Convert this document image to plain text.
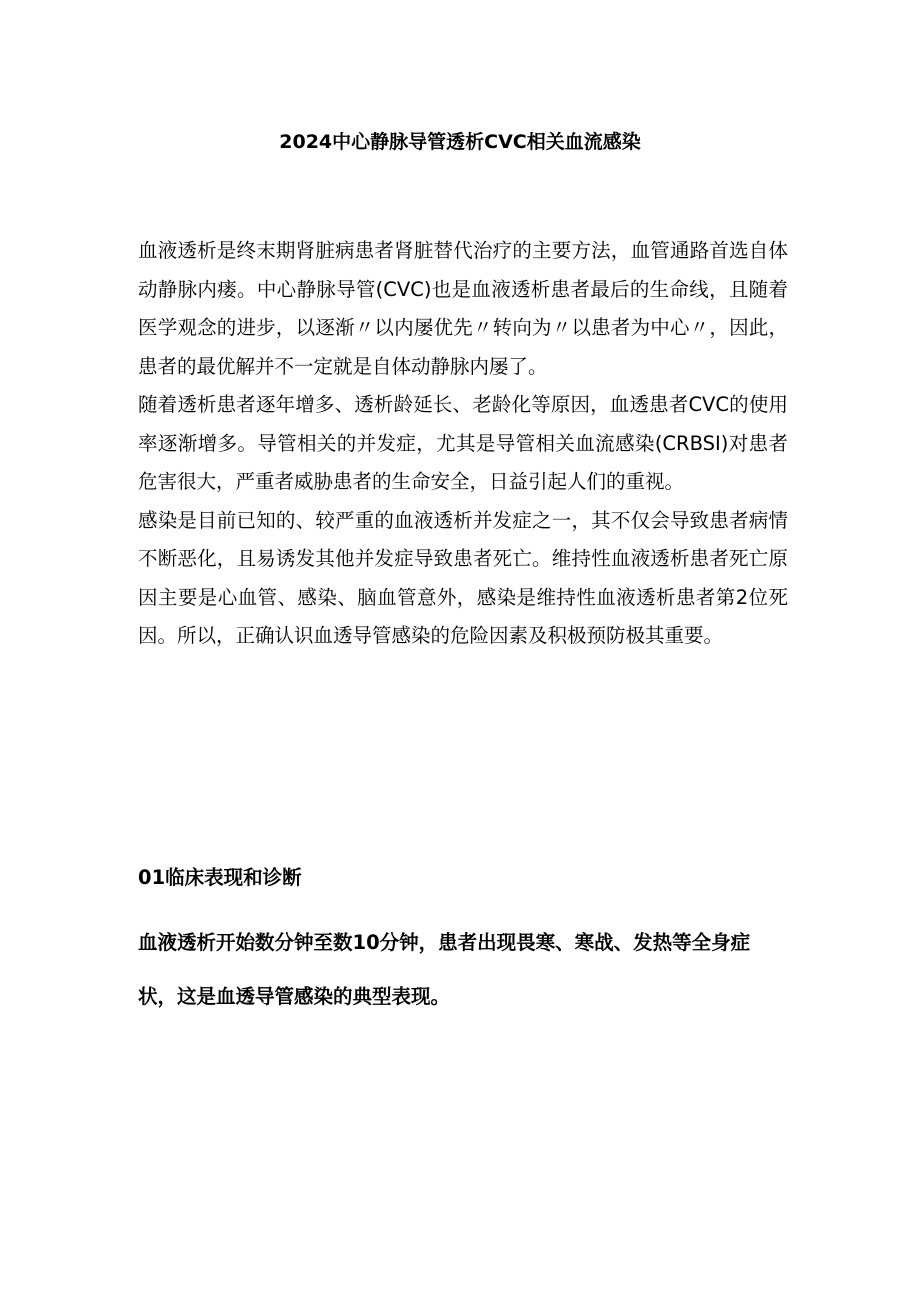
2024中心静脉导管透析CVC相关血流感染

血液透析是终末期肾脏病患者肾脏替代治疗的主要方法，血管通路首选自体动静脉内瘘。中心静脉导管(CVC)也是血液透析患者最后的生命线，且随着医学观念的进步，以逐渐〃以内屡优先〃转向为〃以患者为中心〃，因此，患者的最优解并不一定就是自体动静脉内屡了。

随着透析患者逐年增多、透析龄延长、老龄化等原因，血透患者CVC的使用率逐渐增多。导管相关的并发症，尤其是导管相关血流感染(CRBSI)对患者危害很大，严重者威胁患者的生命安全，日益引起人们的重视。

感染是目前已知的、较严重的血液透析并发症之一，其不仅会导致患者病情不断恶化，且易诱发其他并发症导致患者死亡。维持性血液透析患者死亡原因主要是心血管、感染、脑血管意外，感染是维持性血液透析患者第2位死因。所以，正确认识血透导管感染的危险因素及积极预防极其重要。

01临床表现和诊断

血液透析开始数分钟至数10分钟，患者出现畏寒、寒战、发热等全身症状，这是血透导管感染的典型表现。
